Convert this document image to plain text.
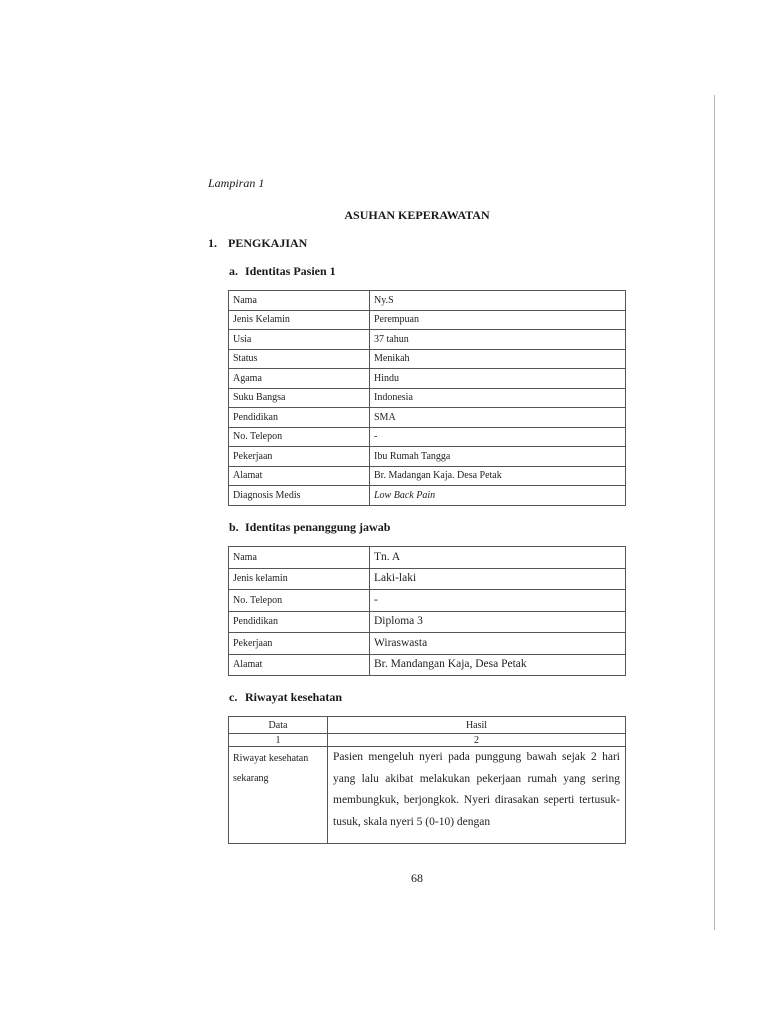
Lampiran 1
ASUHAN KEPERAWATAN
1. PENGKAJIAN
a. Identitas Pasien 1
Nama	Ny.S
Jenis Kelamin	Perempuan
Usia	37 tahun
Status	Menikah
Agama	Hindu
Suku Bangsa	Indonesia
Pendidikan	SMA
No. Telepon	-
Pekerjaan	Ibu Rumah Tangga
Alamat	Br. Madangan Kaja. Desa Petak
Diagnosis Medis	Low Back Pain
b. Identitas penanggung jawab
Nama	Tn. A
Jenis kelamin	Laki-laki
No. Telepon	-
Pendidikan	Diploma 3
Pekerjaan	Wiraswasta
Alamat	Br. Mandangan Kaja, Desa Petak
c. Riwayat kesehatan
Data	Hasil
1	2
Riwayat kesehatan sekarang	Pasien mengeluh nyeri pada punggung bawah sejak 2 hari yang lalu akibat melakukan pekerjaan rumah yang sering membungkuk, berjongkok. Nyeri dirasakan seperti tertusuk-tusuk, skala nyeri 5 (0-10) dengan
68
